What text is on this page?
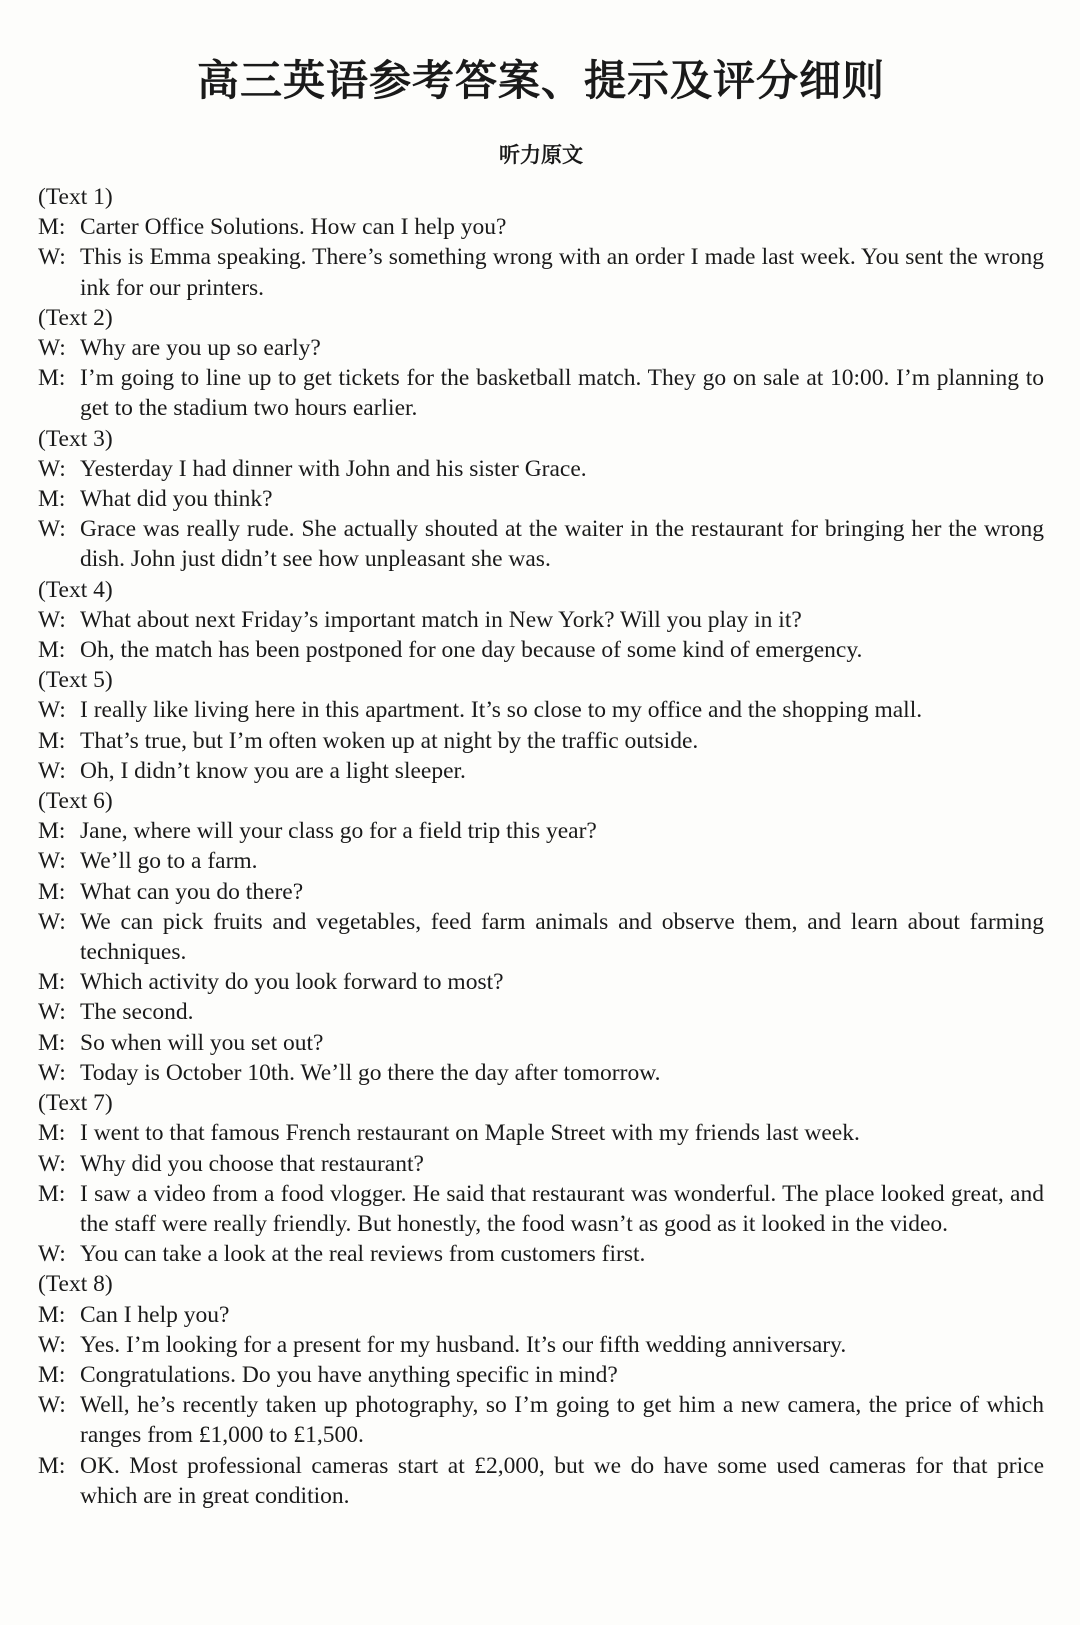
高三英语参考答案、提示及评分细则
听力原文
(Text 1)
M: Carter Office Solutions. How can I help you?
W: This is Emma speaking. There’s something wrong with an order I made last week. You sent the wrong ink for our printers.
(Text 2)
W: Why are you up so early?
M: I’m going to line up to get tickets for the basketball match. They go on sale at 10:00. I’m planning to get to the stadium two hours earlier.
(Text 3)
W: Yesterday I had dinner with John and his sister Grace.
M: What did you think?
W: Grace was really rude. She actually shouted at the waiter in the restaurant for bringing her the wrong dish. John just didn’t see how unpleasant she was.
(Text 4)
W: What about next Friday’s important match in New York? Will you play in it?
M: Oh, the match has been postponed for one day because of some kind of emergency.
(Text 5)
W: I really like living here in this apartment. It’s so close to my office and the shopping mall.
M: That’s true, but I’m often woken up at night by the traffic outside.
W: Oh, I didn’t know you are a light sleeper.
(Text 6)
M: Jane, where will your class go for a field trip this year?
W: We’ll go to a farm.
M: What can you do there?
W: We can pick fruits and vegetables, feed farm animals and observe them, and learn about farming techniques.
M: Which activity do you look forward to most?
W: The second.
M: So when will you set out?
W: Today is October 10th. We’ll go there the day after tomorrow.
(Text 7)
M: I went to that famous French restaurant on Maple Street with my friends last week.
W: Why did you choose that restaurant?
M: I saw a video from a food vlogger. He said that restaurant was wonderful. The place looked great, and the staff were really friendly. But honestly, the food wasn’t as good as it looked in the video.
W: You can take a look at the real reviews from customers first.
(Text 8)
M: Can I help you?
W: Yes. I’m looking for a present for my husband. It’s our fifth wedding anniversary.
M: Congratulations. Do you have anything specific in mind?
W: Well, he’s recently taken up photography, so I’m going to get him a new camera, the price of which ranges from £1,000 to £1,500.
M: OK. Most professional cameras start at £2,000, but we do have some used cameras for that price which are in great condition.
